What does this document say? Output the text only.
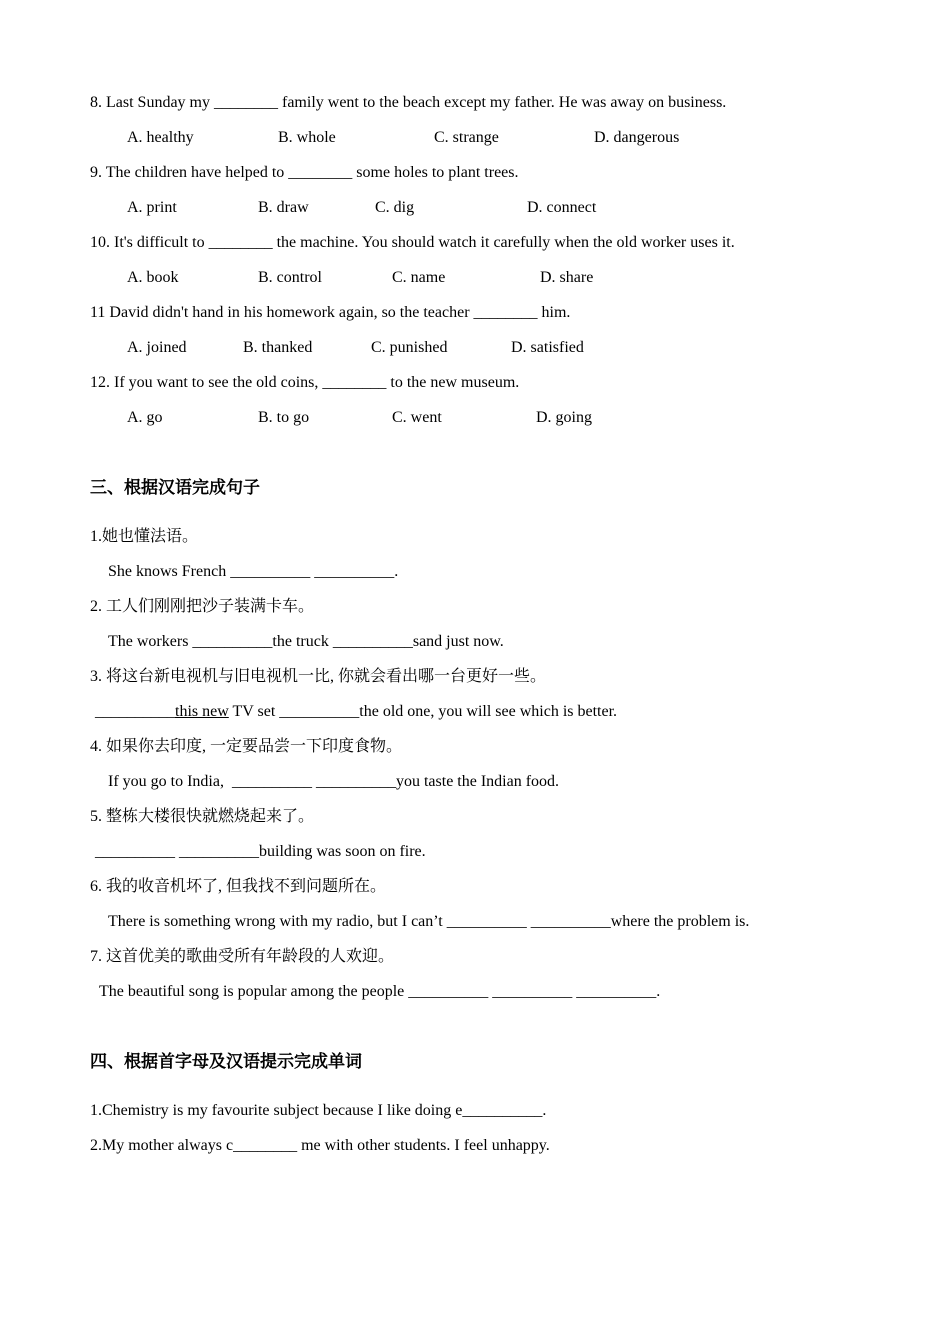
8. Last Sunday my ________ family went to the beach except my father. He was away on business.

A. healthy	B. whole	C. strange	D. dangerous

9. The children have helped to ________ some holes to plant trees.

A. print	B. draw	C. dig	D. connect

10. It's difficult to ________ the machine. You should watch it carefully when the old worker uses it.

A. book	B. control	C. name	D. share

11 David didn't hand in his homework again, so the teacher ________ him.

A. joined	B. thanked	C. punished	D. satisfied

12. If you want to see the old coins, ________ to the new museum.

A. go	B. to go	C. went	D. going
三、根据汉语完成句子

1.她也懂法语。

She knows French __________ __________.

2. 工人们刚刚把沙子装满卡车。

The workers __________the truck __________sand just now.

3. 将这台新电视机与旧电视机一比, 你就会看出哪一台更好一些。

__________this new TV set __________the old one, you will see which is better.

4. 如果你去印度, 一定要品尝一下印度食物。

If you go to India,  __________ __________you taste the Indian food.

5. 整栋大楼很快就燃烧起来了。

__________ __________building was soon on fire.

6. 我的收音机坏了, 但我找不到问题所在。

There is something wrong with my radio, but I can’t __________ __________where the problem is.

7. 这首优美的歌曲受所有年龄段的人欢迎。

The beautiful song is popular among the people __________ __________ __________.

四、根据首字母及汉语提示完成单词

1.Chemistry is my favourite subject because I like doing e__________.

2.My mother always c________ me with other students. I feel unhappy.
